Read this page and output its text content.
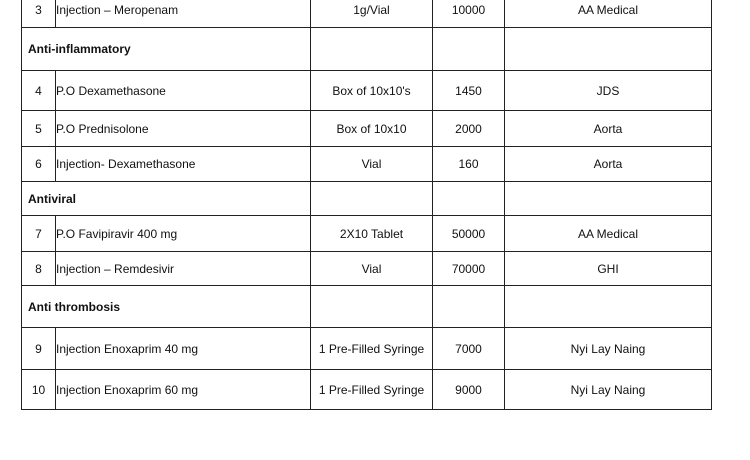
3	Injection – Meropenam	1g/Vial	10000	AA Medical
Anti-inflammatory				
4	P.O Dexamethasone	Box of 10x10's	1450	JDS
5	P.O Prednisolone	Box of 10x10	2000	Aorta
6	Injection- Dexamethasone	Vial	160	Aorta
Antiviral				
7	P.O Favipiravir 400 mg	2X10 Tablet	50000	AA Medical
8	Injection – Remdesivir	Vial	70000	GHI
Anti thrombosis				
9	Injection Enoxaprim 40 mg	1 Pre-Filled Syringe	7000	Nyi Lay Naing
10	Injection Enoxaprim 60 mg	1 Pre-Filled Syringe	9000	Nyi Lay Naing
